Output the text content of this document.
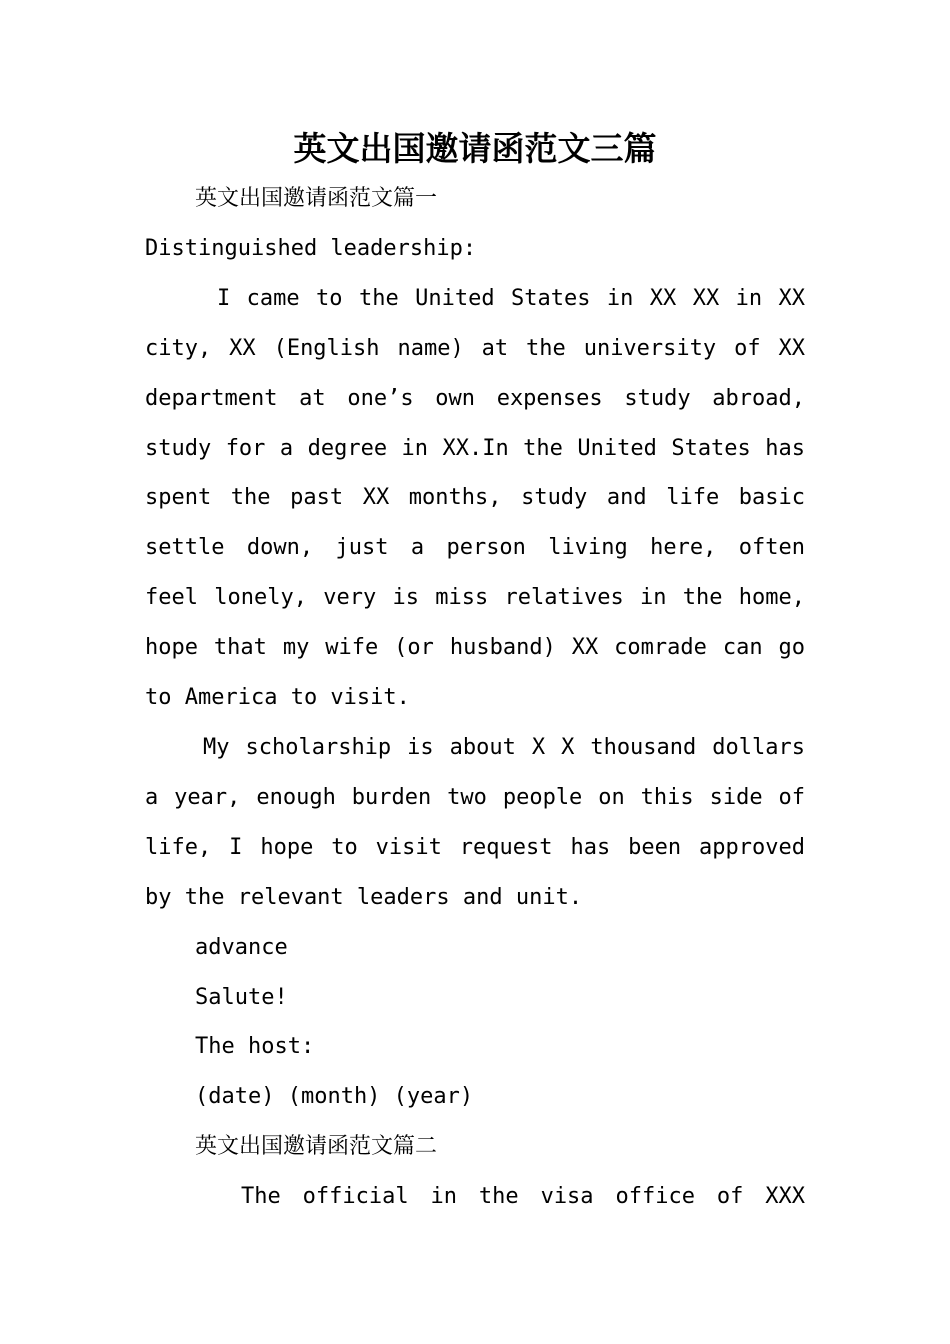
英文出国邀请函范文三篇

英文出国邀请函范文篇一

Distinguished leadership:

I came to the United States in XX XX in XX city, XX (English name) at the university of XX department at one’s own expenses study abroad, study for a degree in XX.In the United States has spent the past XX months, study and life basic settle down, just a person living here, often feel lonely, very is miss relatives in the home, hope that my wife (or husband) XX comrade can go to America to visit.

My scholarship is about X X thousand dollars a year, enough burden two people on this side of life, I hope to visit request has been approved by the relevant leaders and unit.

advance

Salute!

The host:

(date) (month) (year)

英文出国邀请函范文篇二

The official in the visa office of XXX
